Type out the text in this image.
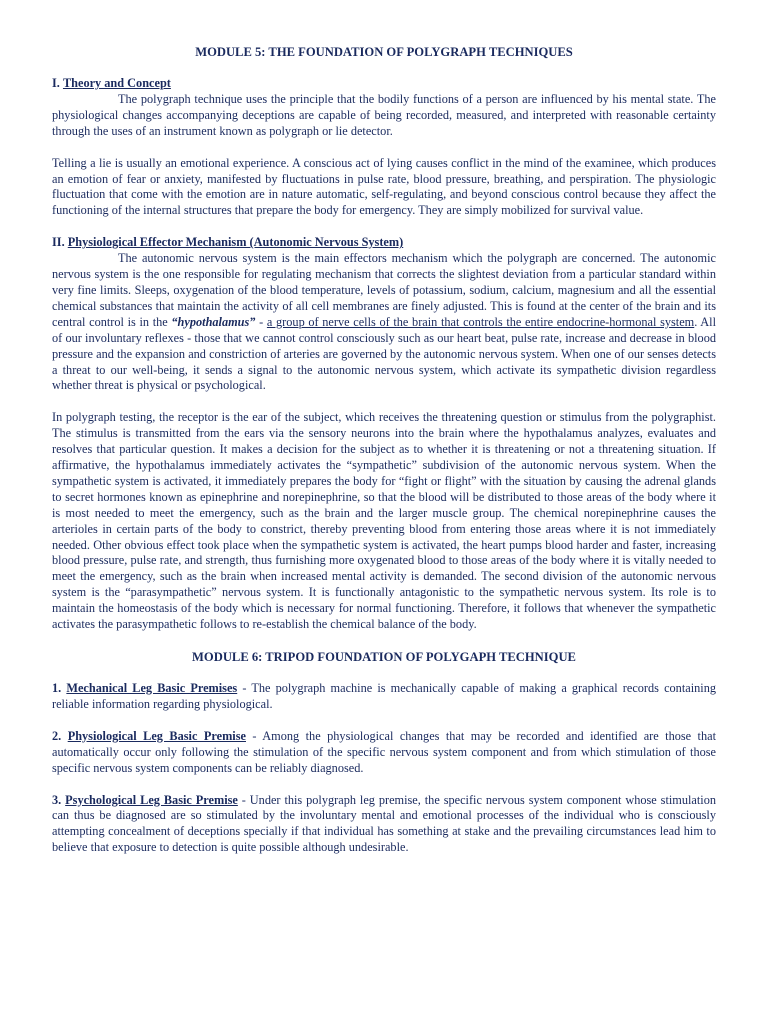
MODULE 5: THE FOUNDATION OF POLYGRAPH TECHNIQUES

I. Theory and Concept

The polygraph technique uses the principle that the bodily functions of a person are influenced by his mental state. The physiological changes accompanying deceptions are capable of being recorded, measured, and interpreted with reasonable certainty through the uses of an instrument known as polygraph or lie detector.

Telling a lie is usually an emotional experience. A conscious act of lying causes conflict in the mind of the examinee, which produces an emotion of fear or anxiety, manifested by fluctuations in pulse rate, blood pressure, breathing, and perspiration. The physiologic fluctuation that come with the emotion are in nature automatic, self-regulating, and beyond conscious control because they affect the functioning of the internal structures that prepare the body for emergency. They are simply mobilized for survival value.

II. Physiological Effector Mechanism (Autonomic Nervous System)

The autonomic nervous system is the main effectors mechanism which the polygraph are concerned. The autonomic nervous system is the one responsible for regulating mechanism that corrects the slightest deviation from a particular standard within very fine limits. Sleeps, oxygenation of the blood temperature, levels of potassium, sodium, calcium, magnesium and all the essential chemical substances that maintain the activity of all cell membranes are finely adjusted. This is found at the center of the brain and its central control is in the “hypothalamus” - a group of nerve cells of the brain that controls the entire endocrine-hormonal system. All of our involuntary reflexes - those that we cannot control consciously such as our heart beat, pulse rate, increase and decrease in blood pressure and the expansion and constriction of arteries are governed by the autonomic nervous system. When one of our senses detects a threat to our well-being, it sends a signal to the autonomic nervous system, which activate its sympathetic division regardless whether threat is physical or psychological.

In polygraph testing, the receptor is the ear of the subject, which receives the threatening question or stimulus from the polygraphist. The stimulus is transmitted from the ears via the sensory neurons into the brain where the hypothalamus analyzes, evaluates and resolves that particular question. It makes a decision for the subject as to whether it is threatening or not a threatening situation. If affirmative, the hypothalamus immediately activates the “sympathetic” subdivision of the autonomic nervous system. When the sympathetic system is activated, it immediately prepares the body for “fight or flight” with the situation by causing the adrenal glands to secret hormones known as epinephrine and norepinephrine, so that the blood will be distributed to those areas of the body where it is most needed to meet the emergency, such as the brain and the larger muscle group. The chemical norepinephrine causes the arterioles in certain parts of the body to constrict, thereby preventing blood from entering those areas where it is not immediately needed. Other obvious effect took place when the sympathetic system is activated, the heart pumps blood harder and faster, increasing blood pressure, pulse rate, and strength, thus furnishing more oxygenated blood to those areas of the body where it is vitally needed to meet the emergency, such as the brain when increased mental activity is demanded. The second division of the autonomic nervous system is the “parasympathetic” nervous system. It is functionally antagonistic to the sympathetic nervous system. Its role is to maintain the homeostasis of the body which is necessary for normal functioning. Therefore, it follows that whenever the sympathetic activates the parasympathetic follows to re-establish the chemical balance of the body.

MODULE 6: TRIPOD FOUNDATION OF POLYGAPH TECHNIQUE

1. Mechanical Leg Basic Premises - The polygraph machine is mechanically capable of making a graphical records containing reliable information regarding physiological.

2. Physiological Leg Basic Premise - Among the physiological changes that may be recorded and identified are those that automatically occur only following the stimulation of the specific nervous system component and from which stimulation of those specific nervous system components can be reliably diagnosed.

3. Psychological Leg Basic Premise - Under this polygraph leg premise, the specific nervous system component whose stimulation can thus be diagnosed are so stimulated by the involuntary mental and emotional processes of the individual who is consciously attempting concealment of deceptions specially if that individual has something at stake and the prevailing circumstances lead him to believe that exposure to detection is quite possible although undesirable.
